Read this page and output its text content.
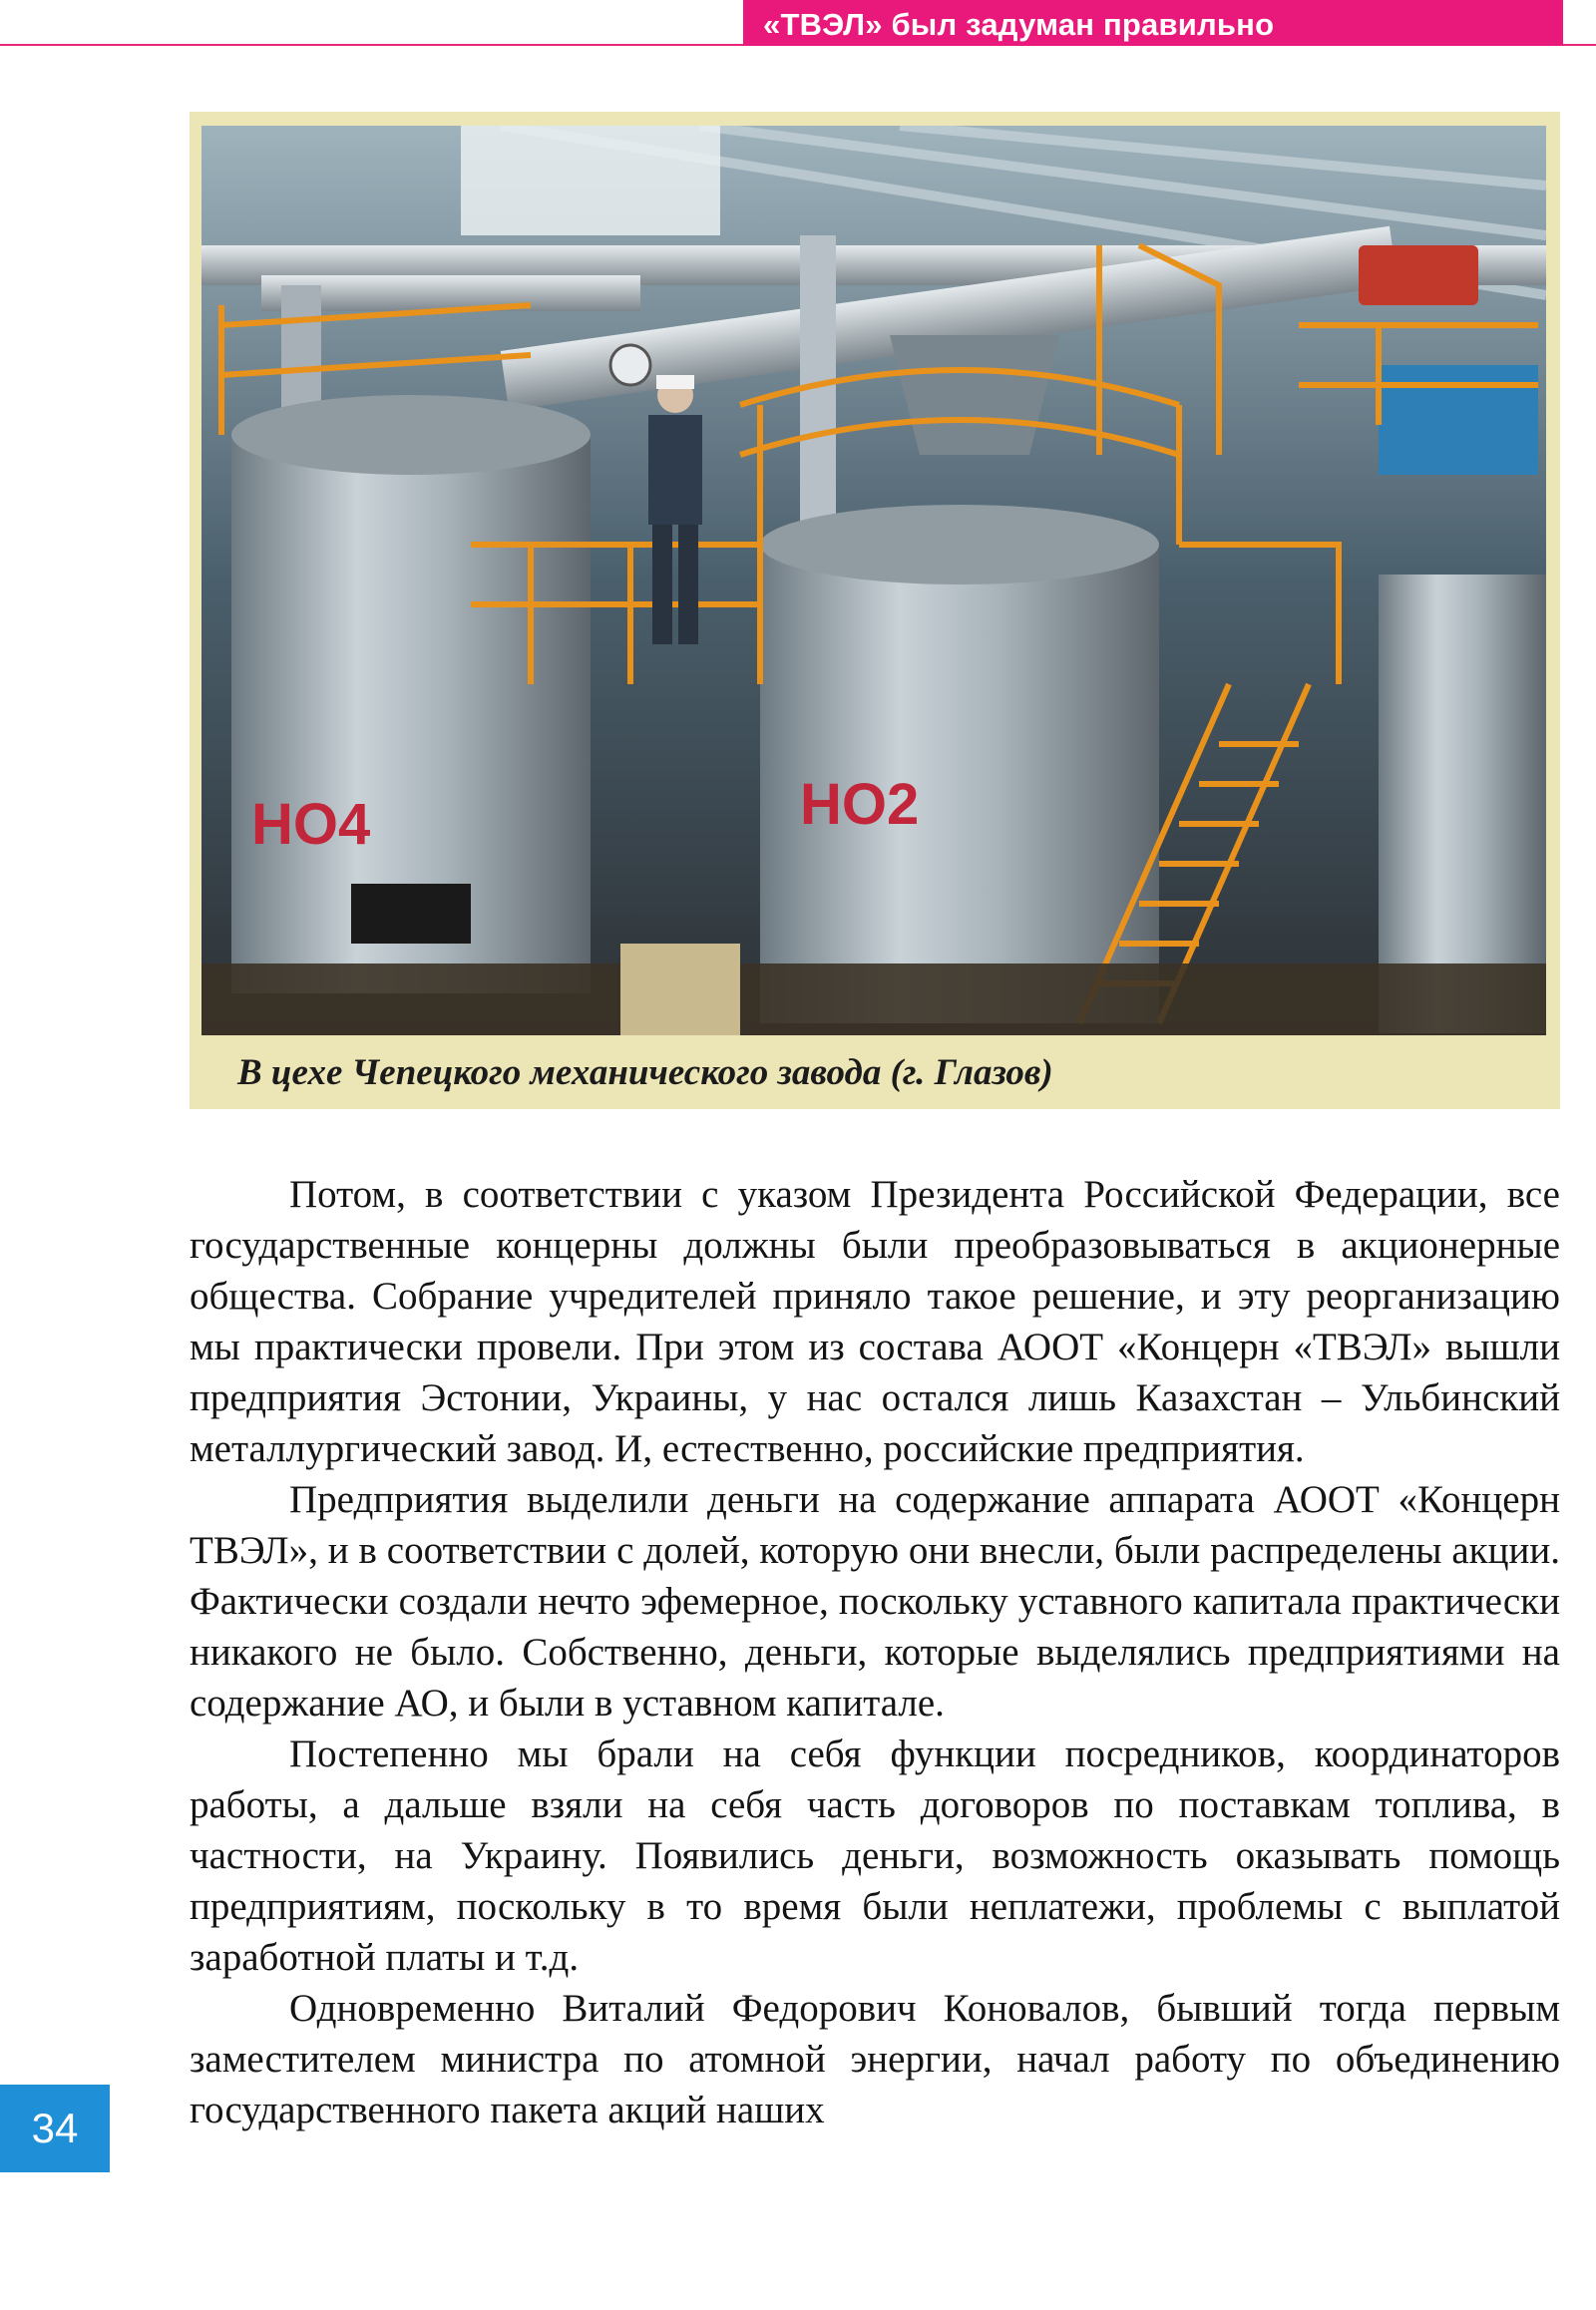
«ТВЭЛ» был задуман правильно
HO4	HO2
В цехе Чепецкого механического завода (г. Глазов)

Потом, в соответствии с указом Президента Российской Федерации, все государственные концерны должны были преобразовываться в акционерные общества. Собрание учредителей приняло такое решение, и эту реорганизацию мы практически провели. При этом из состава АООТ «Концерн «ТВЭЛ» вышли предприятия Эстонии, Украины, у нас остался лишь Казахстан – Ульбинский металлургический завод. И, естественно, российские предприятия.

Предприятия выделили деньги на содержание аппарата АООТ «Концерн ТВЭЛ», и в соответствии с долей, которую они внесли, были распределены акции. Фактически создали нечто эфемерное, поскольку уставного капитала практически никакого не было. Собственно, деньги, которые выделялись предприятиями на содержание АО, и были в уставном капитале.

Постепенно мы брали на себя функции посредников, координаторов работы, а дальше взяли на себя часть договоров по поставкам топлива, в частности, на Украину. Появились деньги, возможность оказывать помощь предприятиям, поскольку в то время были неплатежи, проблемы с выплатой заработной платы и т.д.

Одновременно Виталий Федорович Коновалов, бывший тогда первым заместителем министра по атомной энергии, начал работу по объединению государственного пакета акций наших

34
